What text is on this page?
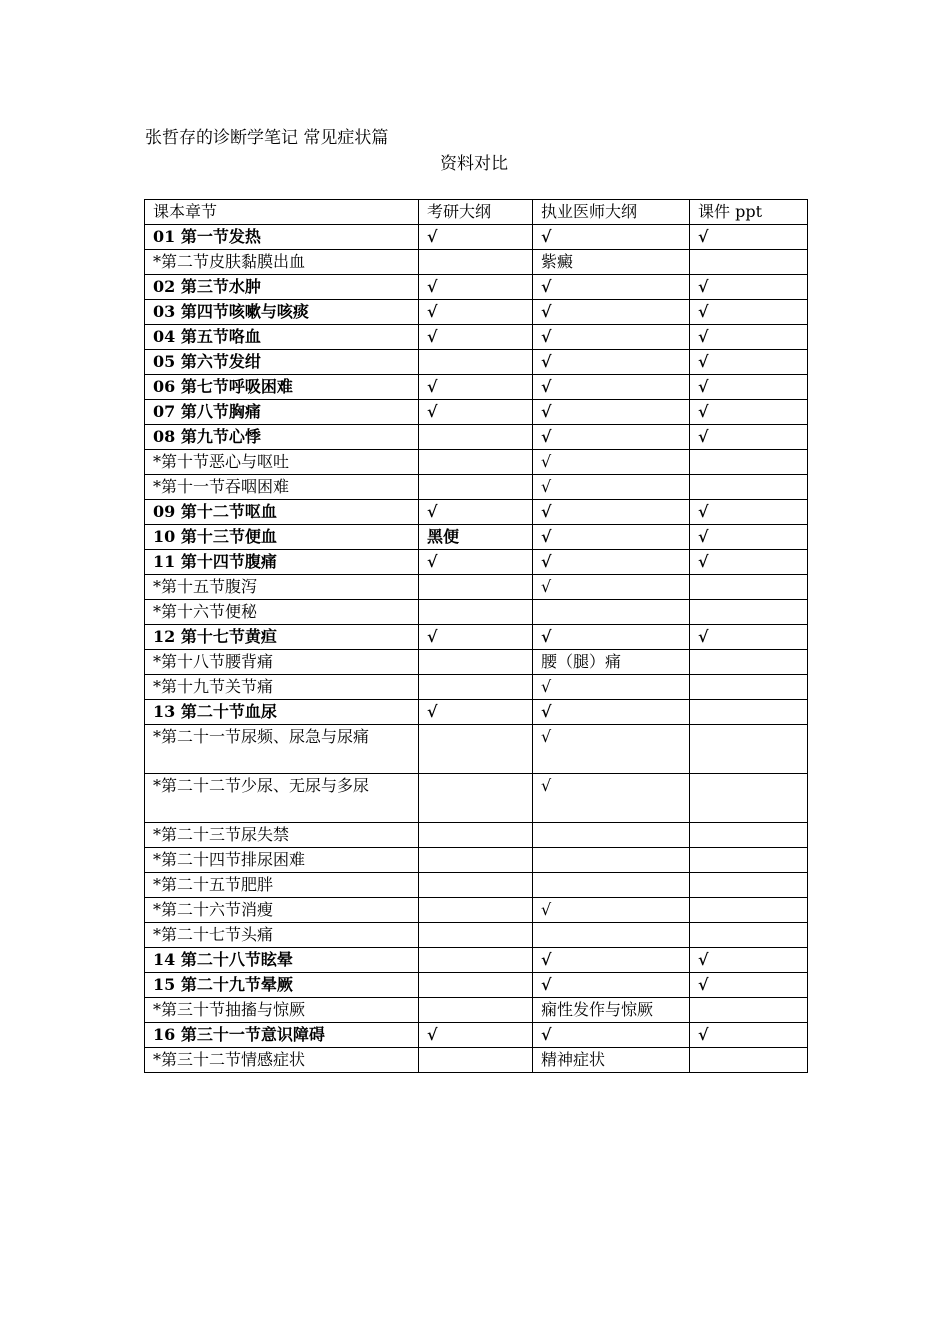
张哲存的诊断学笔记 常见症状篇
资料对比
课本章节	考研大纲	执业医师大纲	课件 ppt
01 第一节发热	√	√	√
*第二节皮肤黏膜出血		紫癜	
02 第三节水肿	√	√	√
03 第四节咳嗽与咳痰	√	√	√
04 第五节咯血	√	√	√
05 第六节发绀		√	√
06 第七节呼吸困难	√	√	√
07 第八节胸痛	√	√	√
08 第九节心悸		√	√
*第十节恶心与呕吐		√	
*第十一节吞咽困难		√	
09 第十二节呕血	√	√	√
10 第十三节便血	黑便	√	√
11 第十四节腹痛	√	√	√
*第十五节腹泻		√	
*第十六节便秘			
12 第十七节黄疸	√	√	√
*第十八节腰背痛		腰（腿）痛	
*第十九节关节痛		√	
13 第二十节血尿	√	√	
*第二十一节尿频、尿急与尿痛		√	
*第二十二节少尿、无尿与多尿		√	
*第二十三节尿失禁			
*第二十四节排尿困难			
*第二十五节肥胖			
*第二十六节消瘦		√	
*第二十七节头痛			
14 第二十八节眩晕		√	√
15 第二十九节晕厥		√	√
*第三十节抽搐与惊厥		痫性发作与惊厥	
16 第三十一节意识障碍	√	√	√
*第三十二节情感症状		精神症状	
